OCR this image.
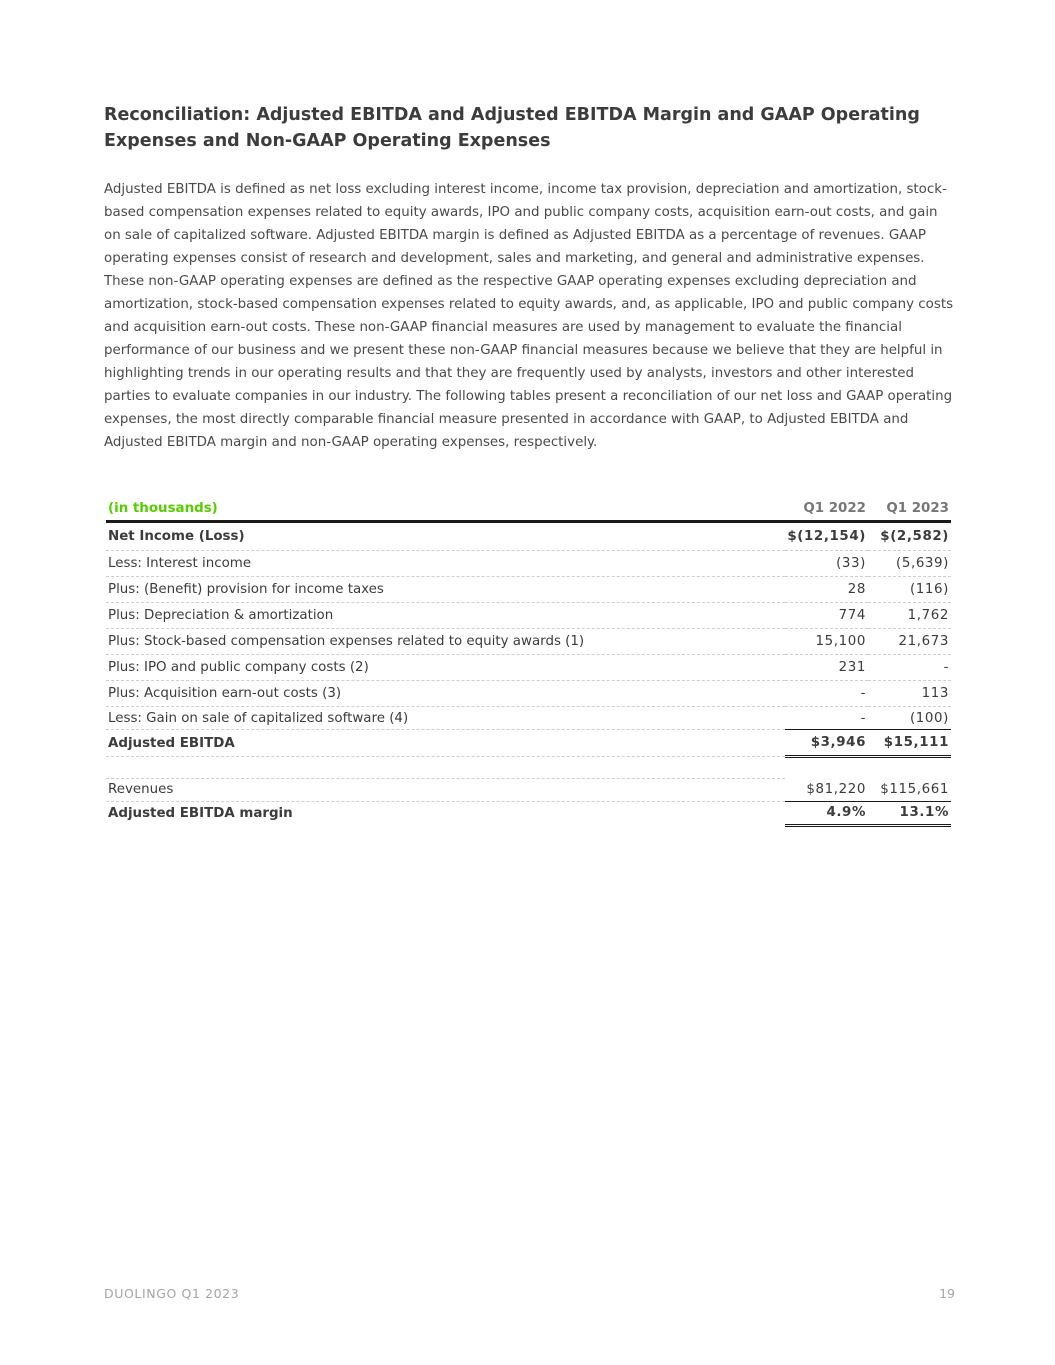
Reconciliation: Adjusted EBITDA and Adjusted EBITDA Margin and GAAP Operating Expenses and Non-GAAP Operating Expenses

Adjusted EBITDA is defined as net loss excluding interest income, income tax provision, depreciation and amortization, stock-based compensation expenses related to equity awards, IPO and public company costs, acquisition earn-out costs, and gain on sale of capitalized software. Adjusted EBITDA margin is defined as Adjusted EBITDA as a percentage of revenues. GAAP operating expenses consist of research and development, sales and marketing, and general and administrative expenses. These non-GAAP operating expenses are defined as the respective GAAP operating expenses excluding depreciation and amortization, stock-based compensation expenses related to equity awards, and, as applicable, IPO and public company costs and acquisition earn-out costs. These non-GAAP financial measures are used by management to evaluate the financial performance of our business and we present these non-GAAP financial measures because we believe that they are helpful in highlighting trends in our operating results and that they are frequently used by analysts, investors and other interested parties to evaluate companies in our industry. The following tables present a reconciliation of our net loss and GAAP operating expenses, the most directly comparable financial measure presented in accordance with GAAP, to Adjusted EBITDA and Adjusted EBITDA margin and non-GAAP operating expenses, respectively.

(in thousands)	Q1 2022	Q1 2023
Net Income (Loss)	$(12,154)	$(2,582)
Less: Interest income	(33)	(5,639)
Plus: (Benefit) provision for income taxes	28	(116)
Plus: Depreciation & amortization	774	1,762
Plus: Stock-based compensation expenses related to equity awards (1)	15,100	21,673
Plus: IPO and public company costs (2)	231	-
Plus: Acquisition earn-out costs (3)	-	113
Less: Gain on sale of capitalized software (4)	-	(100)
Adjusted EBITDA	$3,946	$15,111

Revenues	$81,220	$115,661
Adjusted EBITDA margin	4.9%	13.1%
DUOLINGO Q1 2023	19
